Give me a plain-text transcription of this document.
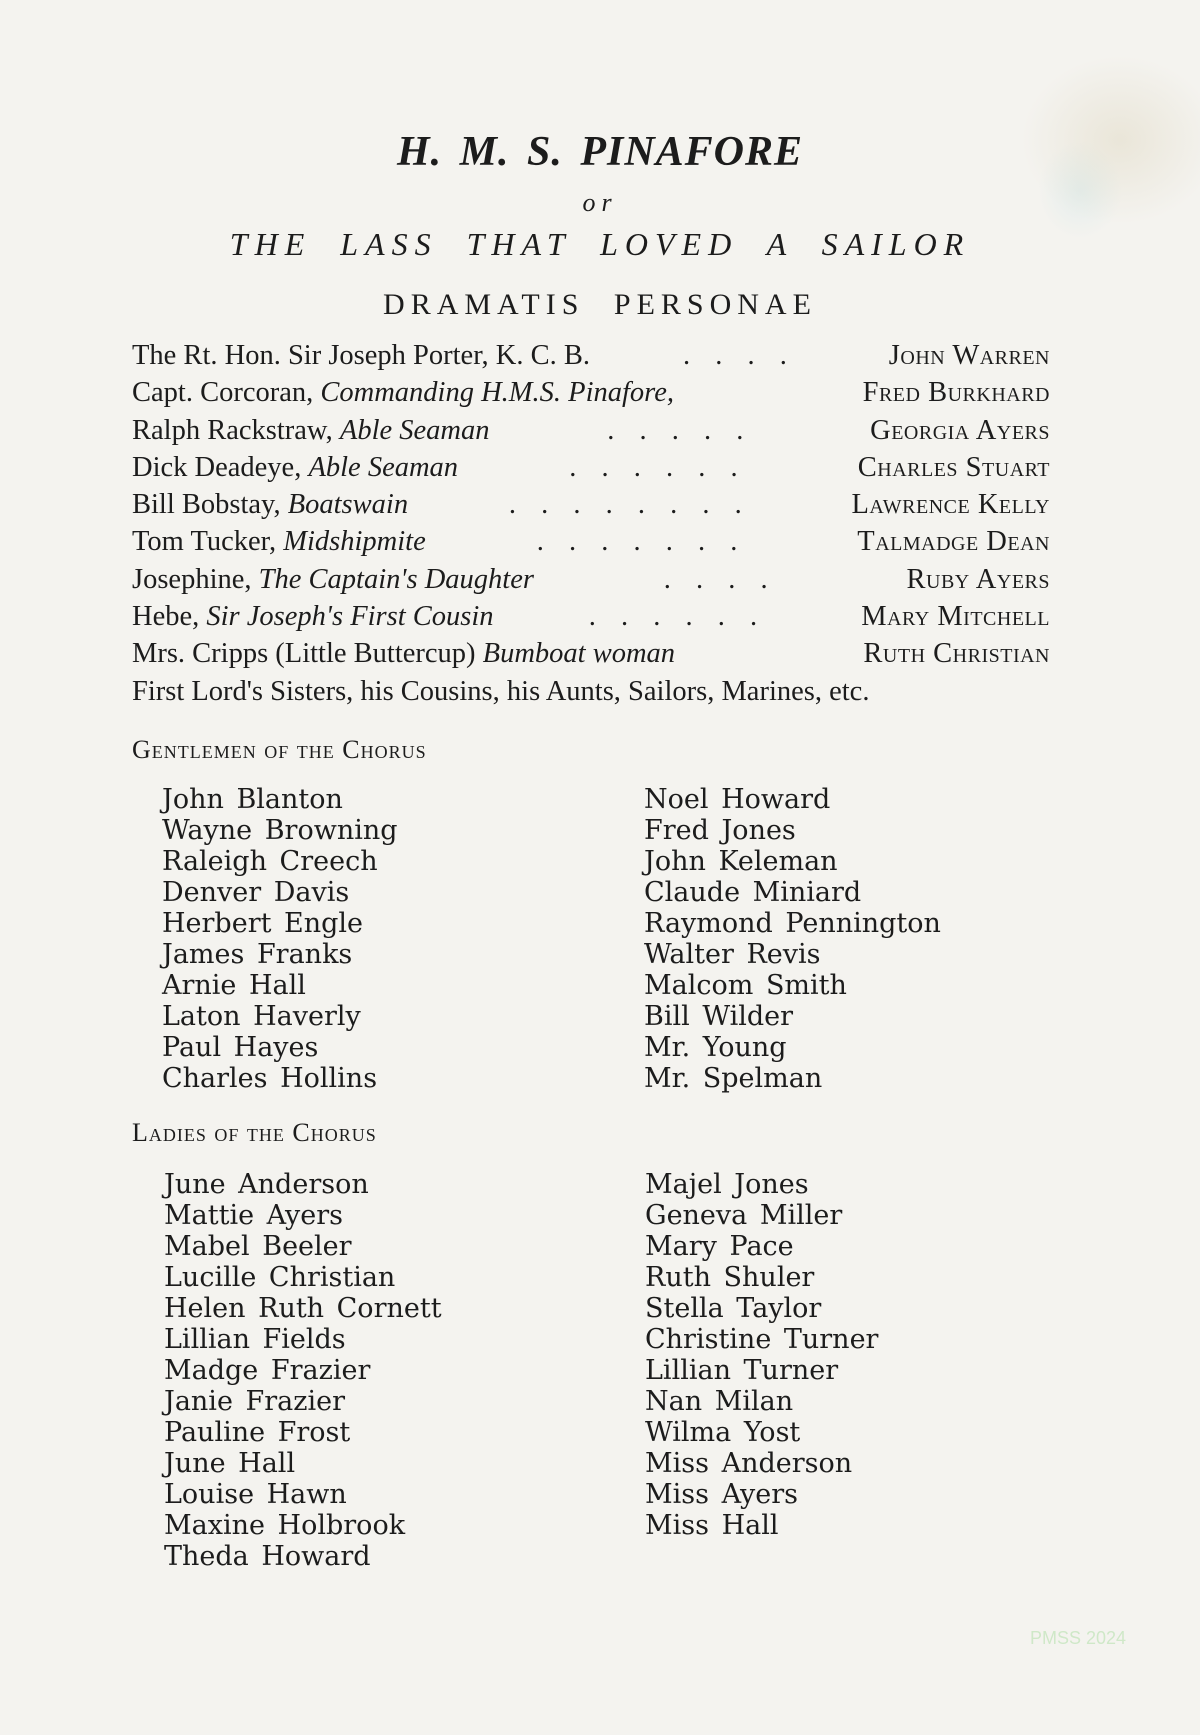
H. M. S. PINAFORE
or
THE LASS THAT LOVED A SAILOR
DRAMATIS PERSONAE
The Rt. Hon. Sir Joseph Porter, K. C. B.	. . . .	John Warren
Capt. Corcoran, Commanding H.M.S. Pinafore,	Fred Burkhard
Ralph Rackstraw, Able Seaman	. . . . .	Georgia Ayers
Dick Deadeye, Able Seaman	. . . . . .	Charles Stuart
Bill Bobstay, Boatswain	. . . . . . . .	Lawrence Kelly
Tom Tucker, Midshipmite	. . . . . . .	Talmadge Dean
Josephine, The Captain's Daughter	. . . .	Ruby Ayers
Hebe, Sir Joseph's First Cousin	. . . . . .	Mary Mitchell
Mrs. Cripps (Little Buttercup) Bumboat woman	Ruth Christian
First Lord's Sisters, his Cousins, his Aunts, Sailors, Marines, etc.
Gentlemen of the Chorus
John Blanton
Wayne Browning
Raleigh Creech
Denver Davis
Herbert Engle
James Franks
Arnie Hall
Laton Haverly
Paul Hayes
Charles Hollins
Noel Howard
Fred Jones
John Keleman
Claude Miniard
Raymond Pennington
Walter Revis
Malcom Smith
Bill Wilder
Mr. Young
Mr. Spelman
Ladies of the Chorus
June Anderson
Mattie Ayers
Mabel Beeler
Lucille Christian
Helen Ruth Cornett
Lillian Fields
Madge Frazier
Janie Frazier
Pauline Frost
June Hall
Louise Hawn
Maxine Holbrook
Theda Howard
Majel Jones
Geneva Miller
Mary Pace
Ruth Shuler
Stella Taylor
Christine Turner
Lillian Turner
Nan Milan
Wilma Yost
Miss Anderson
Miss Ayers
Miss Hall
PMSS 2024
